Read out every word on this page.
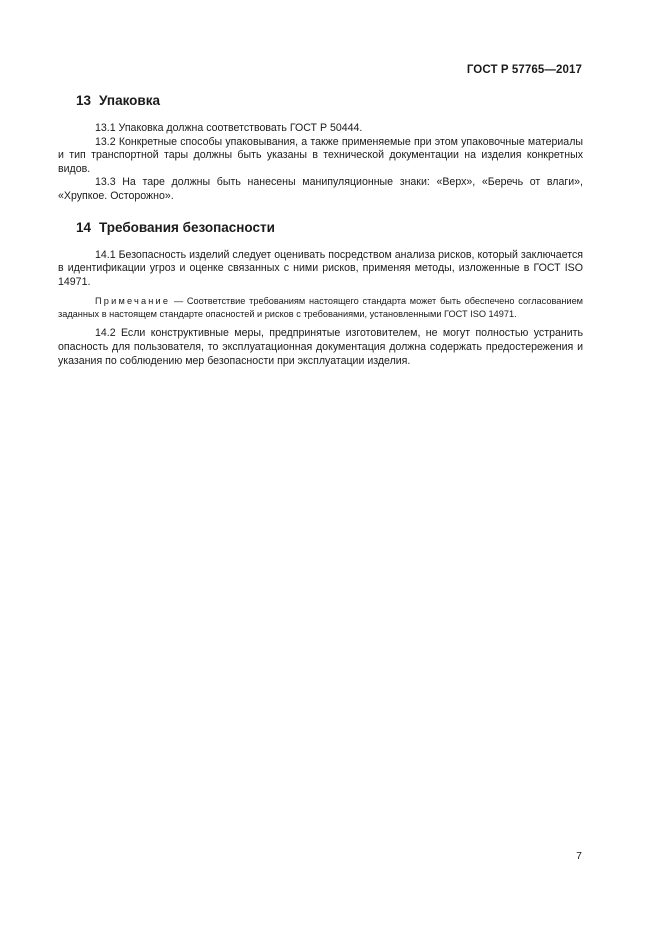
ГОСТ Р 57765—2017
13 Упаковка

13.1 Упаковка должна соответствовать ГОСТ Р 50444.

13.2 Конкретные способы упаковывания, а также применяемые при этом упаковочные материалы и тип транспортной тары должны быть указаны в технической документации на изделия конкретных видов.

13.3 На таре должны быть нанесены манипуляционные знаки: «Верх», «Беречь от влаги», «Хрупкое. Осторожно».

14 Требования безопасности

14.1 Безопасность изделий следует оценивать посредством анализа рисков, который заключается в идентификации угроз и оценке связанных с ними рисков, применяя методы, изложенные в ГОСТ ISO 14971.

Примечание — Соответствие требованиям настоящего стандарта может быть обеспечено согласованием заданных в настоящем стандарте опасностей и рисков с требованиями, установленными ГОСТ ISO 14971.

14.2 Если конструктивные меры, предпринятые изготовителем, не могут полностью устранить опасность для пользователя, то эксплуатационная документация должна содержать предостережения и указания по соблюдению мер безопасности при эксплуатации изделия.

7
